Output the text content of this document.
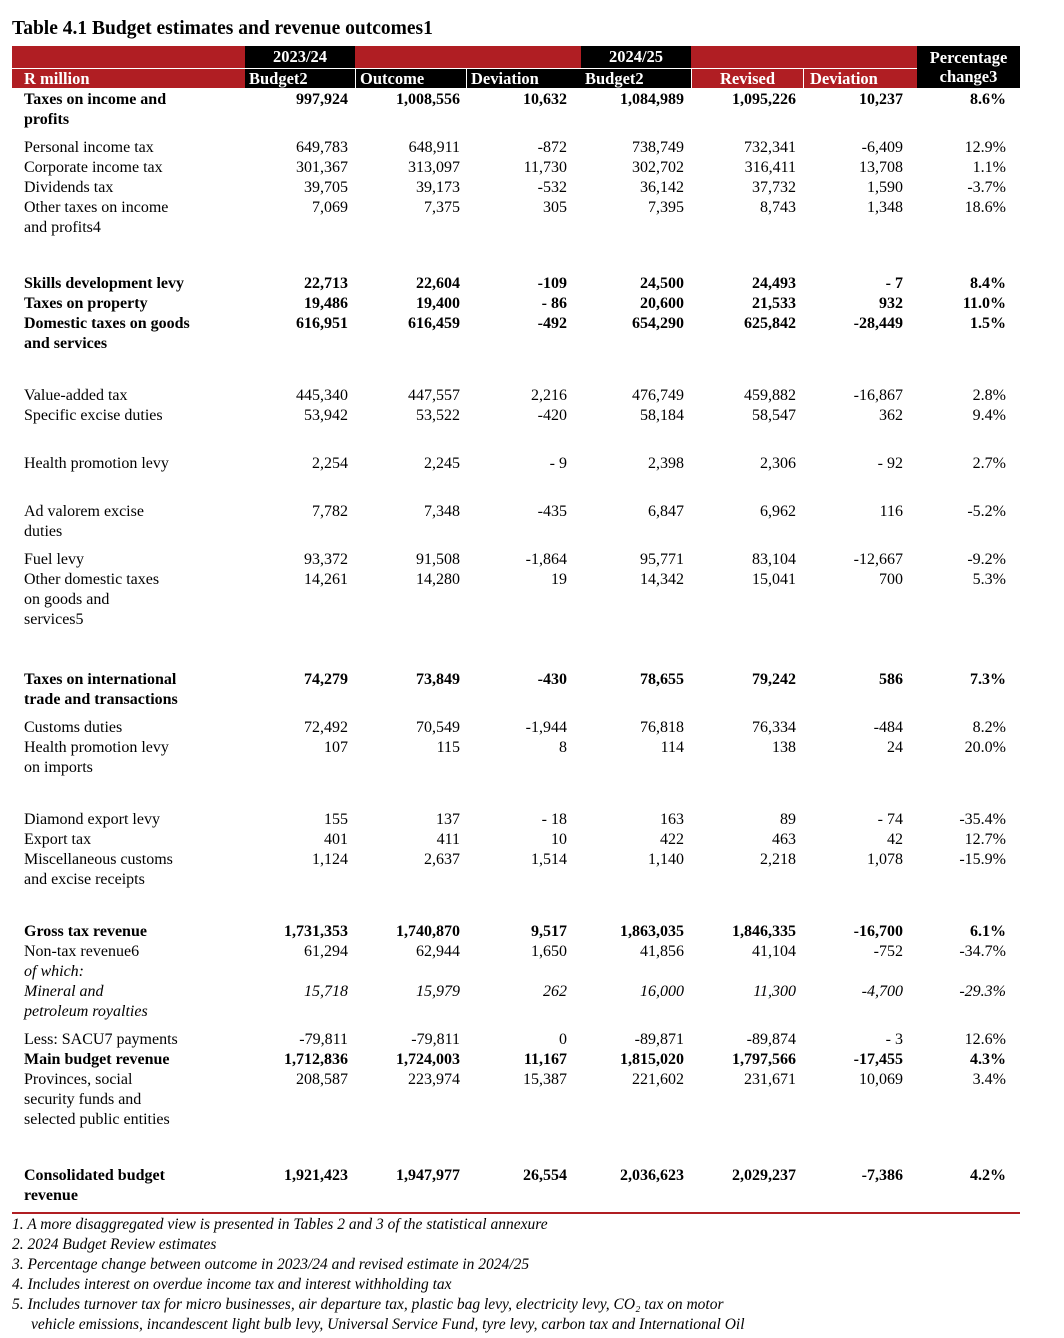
Table 4.1 Budget estimates and revenue outcomes1
2023/24	2024/25	Percentage
change3
R million	Budget2	Outcome	Deviation	Budget2	Revised	Deviation
Taxes on income and
profits
997,924	1,008,556	10,632	1,084,989	1,095,226	10,237	8.6%
Personal income tax	649,783	648,911	-872	738,749	732,341	-6,409	12.9%
Corporate income tax	301,367	313,097	11,730	302,702	316,411	13,708	1.1%
Dividends tax	39,705	39,173	-532	36,142	37,732	1,590	-3.7%
Other taxes on income
and profits4
7,069	7,375	305	7,395	8,743	1,348	18.6%
Skills development levy	22,713	22,604	-109	24,500	24,493	- 7	8.4%
Taxes on property	19,486	19,400	- 86	20,600	21,533	932	11.0%
Domestic taxes on goods
and services
616,951	616,459	-492	654,290	625,842	-28,449	1.5%
Value-added tax	445,340	447,557	2,216	476,749	459,882	-16,867	2.8%
Specific excise duties	53,942	53,522	-420	58,184	58,547	362	9.4%
Health promotion levy	2,254	2,245	- 9	2,398	2,306	- 92	2.7%
Ad valorem excise
duties
7,782	7,348	-435	6,847	6,962	116	-5.2%
Fuel levy	93,372	91,508	-1,864	95,771	83,104	-12,667	-9.2%
Other domestic taxes
on goods and
services5
14,261	14,280	19	14,342	15,041	700	5.3%
Taxes on international
trade and transactions
74,279	73,849	-430	78,655	79,242	586	7.3%
Customs duties	72,492	70,549	-1,944	76,818	76,334	-484	8.2%
Health promotion levy
on imports
107	115	8	114	138	24	20.0%
Diamond export levy	155	137	- 18	163	89	- 74	-35.4%
Export tax	401	411	10	422	463	42	12.7%
Miscellaneous customs
and excise receipts
1,124	2,637	1,514	1,140	2,218	1,078	-15.9%
Gross tax revenue	1,731,353	1,740,870	9,517	1,863,035	1,846,335	-16,700	6.1%
Non-tax revenue6	61,294	62,944	1,650	41,856	41,104	-752	-34.7%
of which:
Mineral and
petroleum royalties
15,718	15,979	262	16,000	11,300	-4,700	-29.3%
Less: SACU7 payments	-79,811	-79,811	0	-89,871	-89,874	- 3	12.6%
Main budget revenue	1,712,836	1,724,003	11,167	1,815,020	1,797,566	-17,455	4.3%
Provinces, social
security funds and
selected public entities
208,587	223,974	15,387	221,602	231,671	10,069	3.4%
Consolidated budget
revenue
1,921,423	1,947,977	26,554	2,036,623	2,029,237	-7,386	4.2%
1. A more disaggregated view is presented in Tables 2 and 3 of the statistical annexure
2. 2024 Budget Review estimates
3. Percentage change between outcome in 2023/24 and revised estimate in 2024/25
4. Includes interest on overdue income tax and interest withholding tax
5. Includes turnover tax for micro businesses, air departure tax, plastic bag levy, electricity levy, CO₂ tax on motor
vehicle emissions, incandescent light bulb levy, Universal Service Fund, tyre levy, carbon tax and International Oil
